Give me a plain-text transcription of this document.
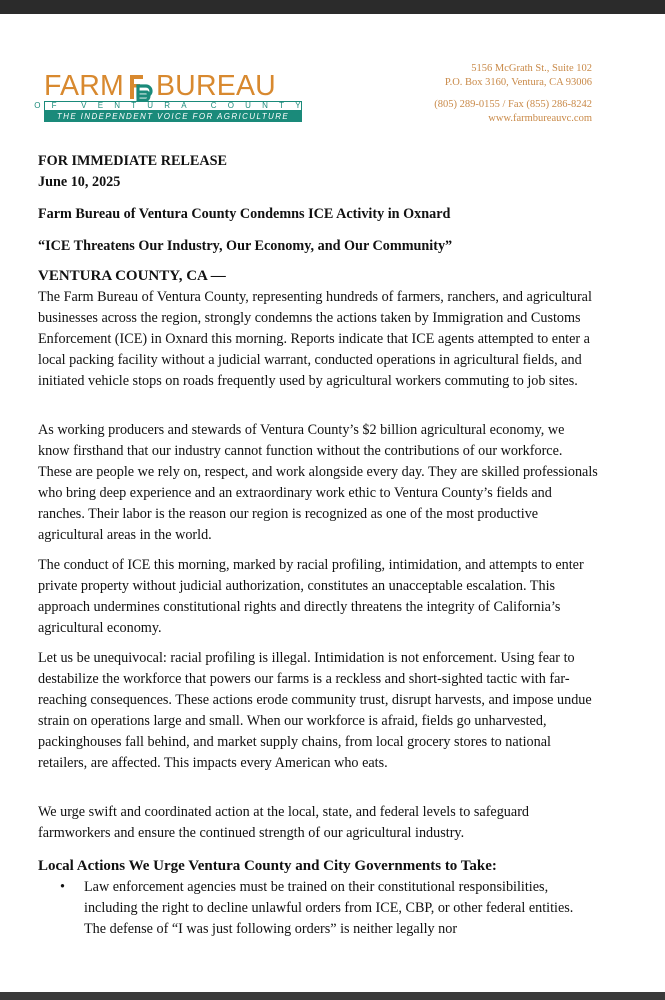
FARM BUREAU
OF VENTURA COUNTY
THE INDEPENDENT VOICE FOR AGRICULTURE
5156 McGrath St., Suite 102
P.O. Box 3160, Ventura, CA 93006
(805) 289-0155 / Fax (855) 286-8242
www.farmbureauvc.com
FOR IMMEDIATE RELEASE
June 10, 2025
Farm Bureau of Ventura County Condemns ICE Activity in Oxnard
“ICE Threatens Our Industry, Our Economy, and Our Community”
VENTURA COUNTY, CA —

The Farm Bureau of Ventura County, representing hundreds of farmers, ranchers, and agricultural businesses across the region, strongly condemns the actions taken by Immigration and Customs Enforcement (ICE) in Oxnard this morning. Reports indicate that ICE agents attempted to enter a local packing facility without a judicial warrant, conducted operations in agricultural fields, and initiated vehicle stops on roads frequently used by agricultural workers commuting to job sites.

As working producers and stewards of Ventura County’s $2 billion agricultural economy, we know firsthand that our industry cannot function without the contributions of our workforce. These are people we rely on, respect, and work alongside every day. They are skilled professionals who bring deep experience and an extraordinary work ethic to Ventura County’s fields and ranches. Their labor is the reason our region is recognized as one of the most productive agricultural areas in the world.

The conduct of ICE this morning, marked by racial profiling, intimidation, and attempts to enter private property without judicial authorization, constitutes an unacceptable escalation. This approach undermines constitutional rights and directly threatens the integrity of California’s agricultural economy.

Let us be unequivocal: racial profiling is illegal. Intimidation is not enforcement. Using fear to destabilize the workforce that powers our farms is a reckless and short-sighted tactic with far-reaching consequences. These actions erode community trust, disrupt harvests, and impose undue strain on operations large and small. When our workforce is afraid, fields go unharvested, packinghouses fall behind, and market supply chains, from local grocery stores to national retailers, are affected. This impacts every American who eats.

We urge swift and coordinated action at the local, state, and federal levels to safeguard farmworkers and ensure the continued strength of our agricultural industry.

Local Actions We Urge Ventura County and City Governments to Take:
•	Law enforcement agencies must be trained on their constitutional responsibilities, including the right to decline unlawful orders from ICE, CBP, or other federal entities. The defense of “I was just following orders” is neither legally nor
